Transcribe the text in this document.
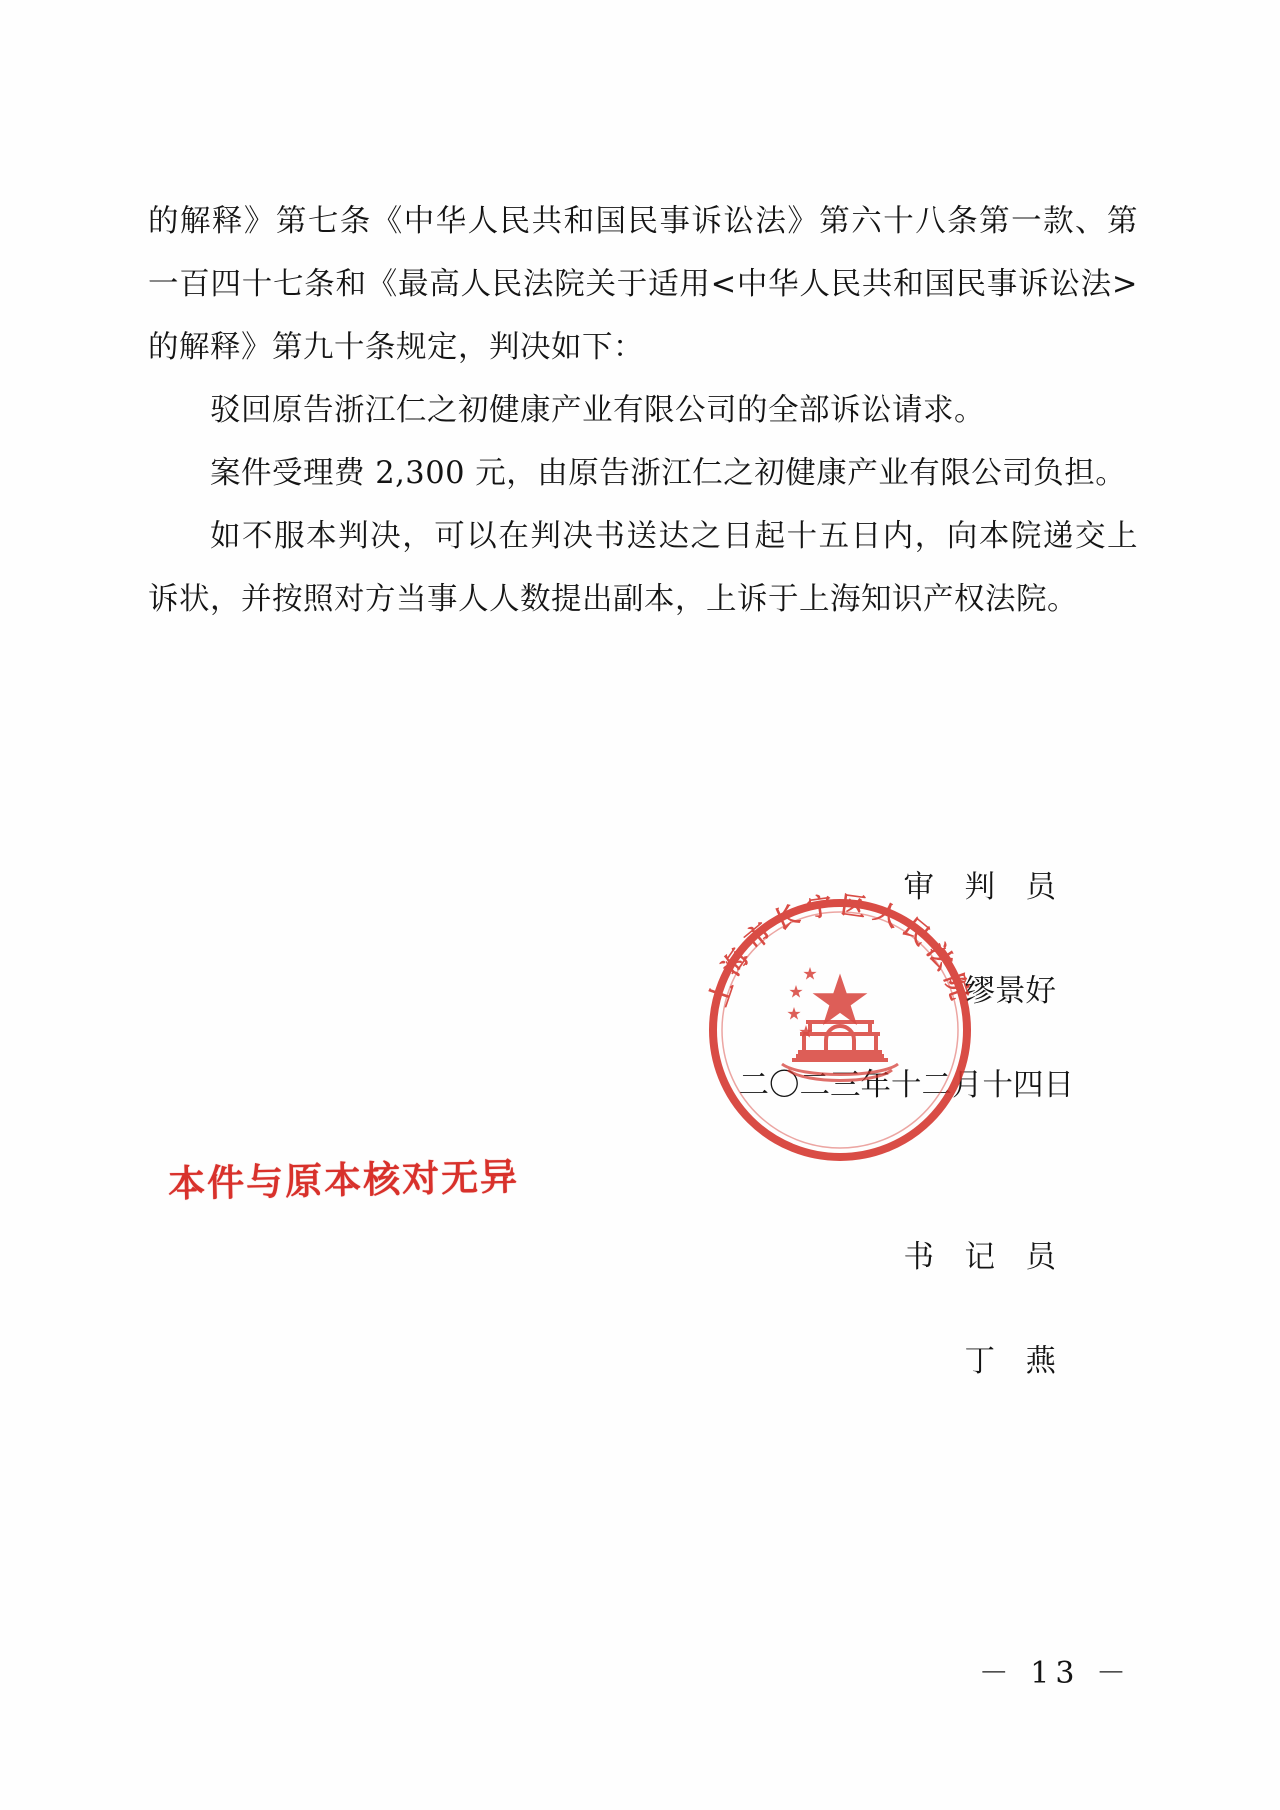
的解释》第七条《中华人民共和国民事诉讼法》第六十八条第一款、第一百四十七条和《最高人民法院关于适用<中华人民共和国民事诉讼法>的解释》第九十条规定，判决如下：

驳回原告浙江仁之初健康产业有限公司的全部诉讼请求。

案件受理费 2,300 元，由原告浙江仁之初健康产业有限公司负担。

如不服本判决，可以在判决书送达之日起十五日内，向本院递交上诉状，并按照对方当事人人数提出副本，上诉于上海知识产权法院。

审　判　员

缪景好

二〇二三年十二月十四日

书　记　员

丁　燕

上海市长宁区人民法院
本件与原本核对无异
－ 13 －
